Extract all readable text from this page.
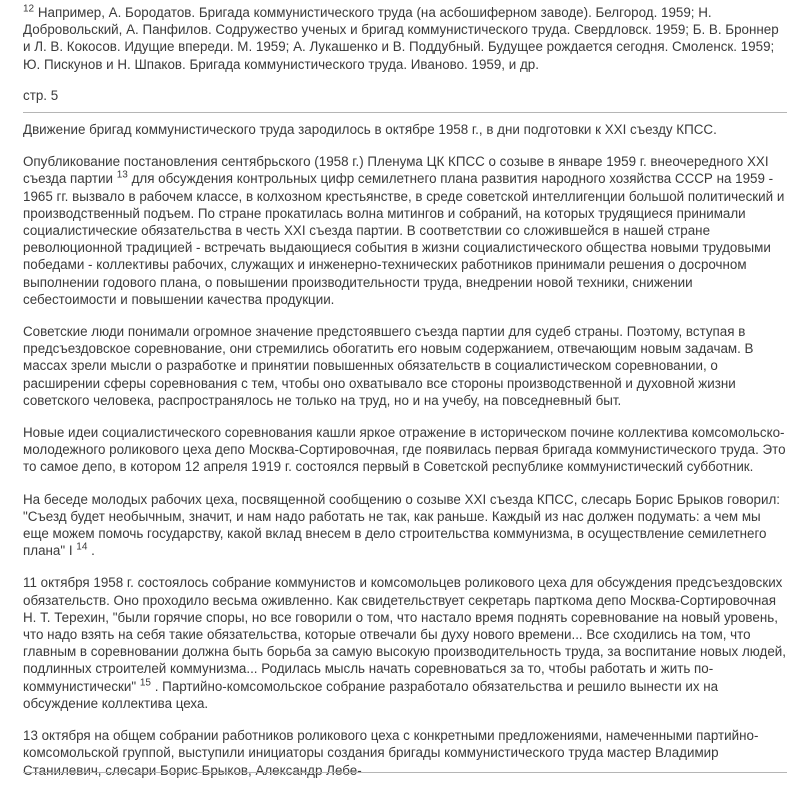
$^{12}$ Например, А. Бородатов. Бригада коммунистического труда (на асбошиферном заводе). Белгород. 1959; Н. Добровольский, А. Панфилов. Содружество ученых и бригад коммунистического труда. Свердловск. 1959; Б. В. Броннер и Л. В. Кокосов. Идущие впереди. М. 1959; А. Лукашенко и В. Поддубный. Будущее рождается сегодня. Смоленск. 1959; Ю. Пискунов и Н. Шпаков. Бригада коммунистического труда. Иваново. 1959, и др.

стр. 5

Движение бригад коммунистического труда зародилось в октябре 1958 г., в дни подготовки к XXI съезду КПСС.

Опубликование постановления сентябрьского (1958 г.) Пленума ЦК КПСС о созыве в январе 1959 г. внеочередного XXI съезда партии $^{13}$ для обсуждения контрольных цифр семилетнего плана развития народного хозяйства СССР на 1959 - 1965 гг. вызвало в рабочем классе, в колхозном крестьянстве, в среде советской интеллигенции большой политический и производственный подъем. По стране прокатилась волна митингов и собраний, на которых трудящиеся принимали социалистические обязательства в честь XXI съезда партии. В соответствии со сложившейся в нашей стране революционной традицией - встречать выдающиеся события в жизни социалистического общества новыми трудовыми победами - коллективы рабочих, служащих и инженерно-технических работников принимали решения о досрочном выполнении годового плана, о повышении производительности труда, внедрении новой техники, снижении себестоимости и повышении качества продукции.

Советские люди понимали огромное значение предстоявшего съезда партии для судеб страны. Поэтому, вступая в предсъездовское соревнование, они стремились обогатить его новым содержанием, отвечающим новым задачам. В массах зрели мысли о разработке и принятии повышенных обязательств в социалистическом соревновании, о расширении сферы соревнования с тем, чтобы оно охватывало все стороны производственной и духовной жизни советского человека, распространялось не только на труд, но и на учебу, на повседневный быт.

Новые идеи социалистического соревнования кашли яркое отражение в историческом почине коллектива комсомольско-молодежного роликового цеха депо Москва-Сортировочная, где появилась первая бригада коммунистического труда. Это то самое депо, в котором 12 апреля 1919 г. состоялся первый в Советской республике коммунистический субботник.

На беседе молодых рабочих цеха, посвященной сообщению о созыве XXI съезда КПСС, слесарь Борис Брыков говорил: "Съезд будет необычным, значит, и нам надо работать не так, как раньше. Каждый из нас должен подумать: а чем мы еще можем помочь государству, какой вклад внесем в дело строительства коммунизма, в осуществление семилетнего плана" I $^{14}$ .

11 октября 1958 г. состоялось собрание коммунистов и комсомольцев роликового цеха для обсуждения предсъездовских обязательств. Оно проходило весьма оживленно. Как свидетельствует секретарь парткома депо Москва-Сортировочная Н. Т. Терехин, "были горячие споры, но все говорили о том, что настало время поднять соревнование на новый уровень, что надо взять на себя такие обязательства, которые отвечали бы духу нового времени... Все сходились на том, что главным в соревновании должна быть борьба за самую высокую производительность труда, за воспитание новых людей, подлинных строителей коммунизма... Родилась мысль начать соревноваться за то, чтобы работать и жить по-коммунистически" $^{15}$ . Партийно-комсомольское собрание разработало обязательства и решило вынести их на обсуждение коллектива цеха.

13 октября на общем собрании работников роликового цеха с конкретными предложениями, намеченными партийно-комсомольской группой, выступили инициаторы создания бригады коммунистического труда мастер Владимир Станилевич, слесари Борис Брыков, Александр Лебе-
